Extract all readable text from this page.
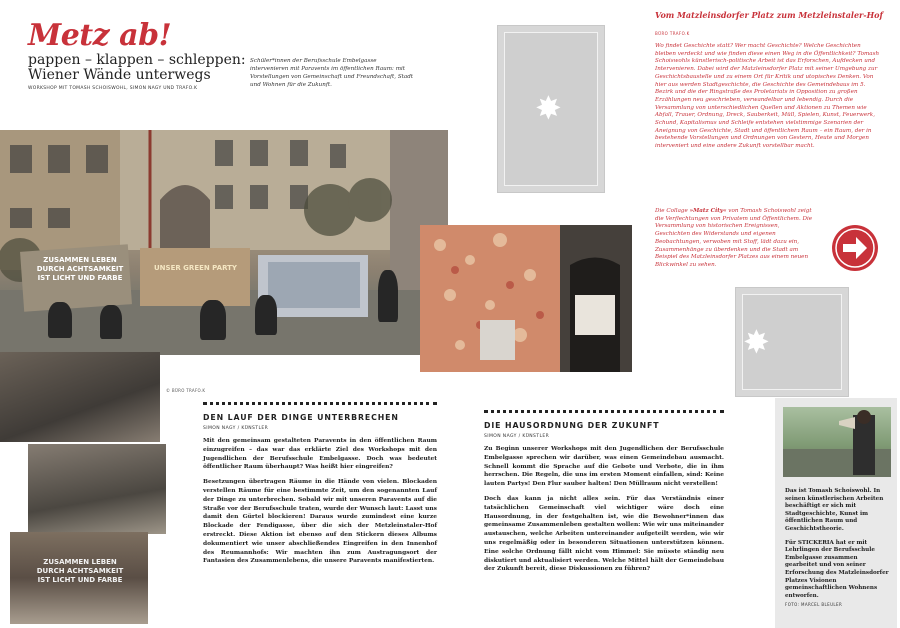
Metz ab!
pappen – klappen – schleppen: Wiener Wände unterwegs
WORKSHOP MIT TOMASH SCHOISWOHL, SIMON NAGY UND TRAFO.K
Schüler*innen der Berufsschule Embelgasse intervenieren mit Paravents im öffentlichen Raum: mit Vorstellungen von Gemeinschaft und Freundschaft, Stadt und Wohnen für die Zukunft.
✸
✸
ZUSAMMEN LEBEN DURCH ACHTSAMKEIT IST LICHT UND FARBE
UNSER GREEN PARTY
ZUSAMMEN LEBEN DURCH ACHTSAMKEIT IST LICHT UND FARBE
© BÜRO TRAFO.K
DEN LAUF DER DINGE UNTERBRECHEN
SIMON NAGY / KÜNSTLER

Mit den gemeinsam gestalteten Paravents in den öffentlichen Raum einzugreifen – das war das erklärte Ziel des Workshops mit den Jugendlichen der Berufsschule Embelgasse. Doch was bedeutet öffentlicher Raum überhaupt? Was heißt hier eingreifen?

Besetzungen übertragen Räume in die Hände von vielen. Blockaden verstellen Räume für eine bestimmte Zeit, um den sogenannten Lauf der Dinge zu unterbrechen. Sobald wir mit unseren Paravents auf die Straße vor der Berufsschule traten, wurde der Wunsch laut: Lasst uns damit den Gürtel blockieren! Daraus wurde zumindest eine kurze Blockade der Fendigasse, über die sich der Metzleinstaler-Hof erstreckt. Diese Aktion ist ebenso auf den Stickern dieses Albums dokumentiert wie unser abschließendes Eingreifen in den Innenhof des Reumannhofs: Wir machten ihn zum Austragungsort der Fantasien des Zusammenlebens, die unsere Paravents manifestierten.

DIE HAUSORDNUNG DER ZUKUNFT
SIMON NAGY / KÜNSTLER

Zu Beginn unserer Workshops mit den Jugendlichen der Berufsschule Embelgasse sprechen wir darüber, was einen Gemeindebau ausmacht. Schnell kommt die Sprache auf die Gebote und Verbote, die in ihm herrschen. Die Regeln, die uns im ersten Moment einfallen, sind: Keine lauten Partys! Den Flur sauber halten! Den Müllraum nicht verstellen!

Doch das kann ja nicht alles sein. Für das Verständnis einer tatsächlichen Gemeinschaft viel wichtiger wäre doch eine Hausordnung, in der festgehalten ist, wie die Bewohner*innen das gemeinsame Zusammenleben gestalten wollen: Wie wir uns miteinander austauschen, welche Arbeiten untereinander aufgeteilt werden, wie wir uns regelmäßig oder in besonderen Situationen unterstützen können. Eine solche Ordnung fällt nicht vom Himmel: Sie müsste ständig neu diskutiert und aktualisiert werden. Welche Mittel hält der Gemeindebau der Zukunft bereit, diese Diskussionen zu führen?

Vom Matzleinsdorfer Platz zum Metzleinstaler-Hof
BÜRO TRAFO.K
Wo findet Geschichte statt? Wer macht Geschichte? Welche Geschichten bleiben verdeckt und wie finden diese einen Weg in die Öffentlichkeit? Tomash Schoiswohls künstlerisch-politische Arbeit ist das Erforschen, Aufdecken und Intervenieren. Dabei wird der Matzleinsdorfer Platz mit seiner Umgebung zur Geschichtsbaustelle und zu einem Ort für Kritik und utopisches Denken. Von hier aus werden Stadtgeschichte, die Geschichte des Gemeindebaus im 5. Bezirk und die der Ringstraße des Proletariats in Opposition zu großen Erzählungen neu geschrieben, verwandelbar und lebendig. Durch die Versammlung von unterschiedlichen Quellen und Aktionen zu Themen wie Abfall, Trauer, Ordnung, Dreck, Sauberkeit, Müll, Spielen, Kunst, Feuerwerk, Schund, Kapitalismus und Schleife entstehen vielstimmige Szenarien der Aneignung von Geschichte, Stadt und öffentlichem Raum – ein Raum, der in bestehende Vorstellungen und Ordnungen von Gestern, Heute und Morgen interveniert und eine andere Zukunft vorstellbar macht.
Die Collage »Matz City« von Tomash Schoiswohl zeigt die Verflechtungen von Privatem und Öffentlichem. Die Versammlung von historischen Ereignissen, Geschichten des Widerstands und eigenen Beobachtungen, verwoben mit Stoff, lädt dazu ein, Zusammenhänge zu überdenken und die Stadt am Beispiel des Matzleinsdorfer Platzes aus einem neuen Blickwinkel zu sehen.

Das ist Tomash Schoiswohl. In seinen künstlerischen Arbeiten beschäftigt er sich mit Stadtgeschichte, Kunst im öffentlichen Raum und Geschichtstheorie.

Für STICKERIA hat er mit Lehrlingen der Berufsschule Embelgasse zusammen gearbeitet und von seiner Erforschung des Matzleinsdorfer Platzes Visionen gemeinschaftlichen Wohnens entworfen.

FOTO: MARCEL BLEULER
